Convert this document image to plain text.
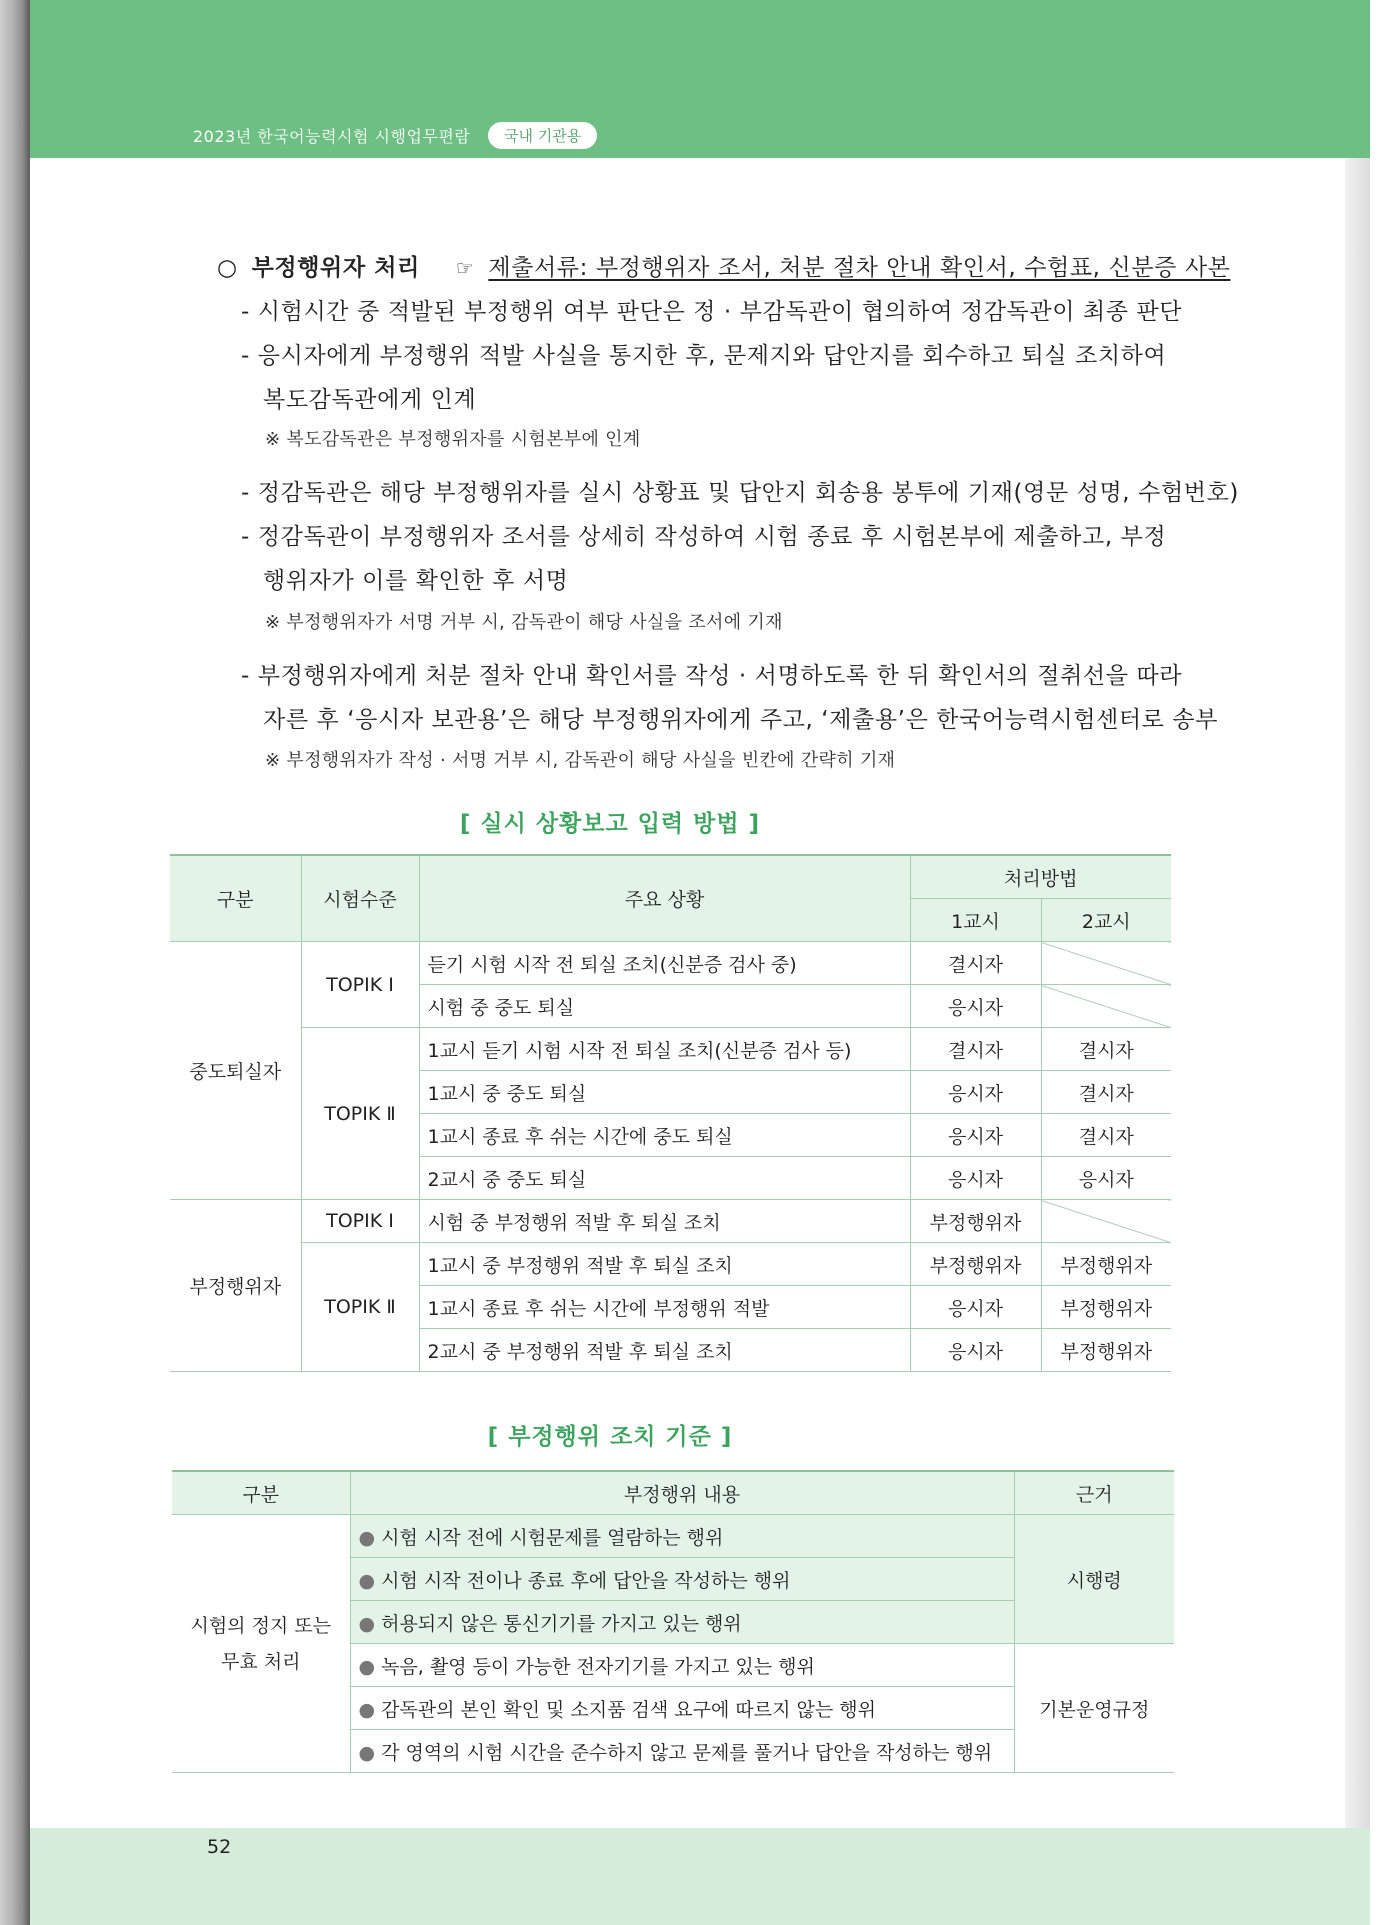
2023년 한국어능력시험 시행업무편람	국내 기관용
○ 부정행위자 처리 ☞ 제출서류: 부정행위자 조서, 처분 절차 안내 확인서, 수험표, 신분증 사본
- 시험시간 중 적발된 부정행위 여부 판단은 정 · 부감독관이 협의하여 정감독관이 최종 판단
- 응시자에게 부정행위 적발 사실을 통지한 후, 문제지와 답안지를 회수하고 퇴실 조치하여
복도감독관에게 인계
※ 복도감독관은 부정행위자를 시험본부에 인계
- 정감독관은 해당 부정행위자를 실시 상황표 및 답안지 회송용 봉투에 기재(영문 성명, 수험번호)
- 정감독관이 부정행위자 조서를 상세히 작성하여 시험 종료 후 시험본부에 제출하고, 부정
행위자가 이를 확인한 후 서명
※ 부정행위자가 서명 거부 시, 감독관이 해당 사실을 조서에 기재
- 부정행위자에게 처분 절차 안내 확인서를 작성 · 서명하도록 한 뒤 확인서의 절취선을 따라
자른 후 ‘응시자 보관용’은 해당 부정행위자에게 주고, ‘제출용’은 한국어능력시험센터로 송부
※ 부정행위자가 작성 · 서명 거부 시, 감독관이 해당 사실을 빈칸에 간략히 기재
[ 실시 상황보고 입력 방법 ]
구분	시험수준	주요 상황	처리방법	
			1교시	2교시
중도퇴실자	TOPIK Ⅰ	듣기 시험 시작 전 퇴실 조치(신분증 검사 중)	결시자	
		시험 중 중도 퇴실	응시자	
	TOPIK Ⅱ	1교시 듣기 시험 시작 전 퇴실 조치(신분증 검사 등)	결시자	결시자
		1교시 중 중도 퇴실	응시자	결시자
		1교시 종료 후 쉬는 시간에 중도 퇴실	응시자	결시자
		2교시 중 중도 퇴실	응시자	응시자
부정행위자	TOPIK Ⅰ	시험 중 부정행위 적발 후 퇴실 조치	부정행위자	
	TOPIK Ⅱ	1교시 중 부정행위 적발 후 퇴실 조치	부정행위자	부정행위자
		1교시 종료 후 쉬는 시간에 부정행위 적발	응시자	부정행위자
		2교시 중 부정행위 적발 후 퇴실 조치	응시자	부정행위자
[ 부정행위 조치 기준 ]
구분	부정행위 내용	근거

시험의 정지 또는
무효 처리	● 시험 시작 전에 시험문제를 열람하는 행위	시행령
	● 시험 시작 전이나 종료 후에 답안을 작성하는 행위	
	● 허용되지 않은 통신기기를 가지고 있는 행위	
	● 녹음, 촬영 등이 가능한 전자기기를 가지고 있는 행위	기본운영규정
	● 감독관의 본인 확인 및 소지품 검색 요구에 따르지 않는 행위	
	● 각 영역의 시험 시간을 준수하지 않고 문제를 풀거나 답안을 작성하는 행위	
52
